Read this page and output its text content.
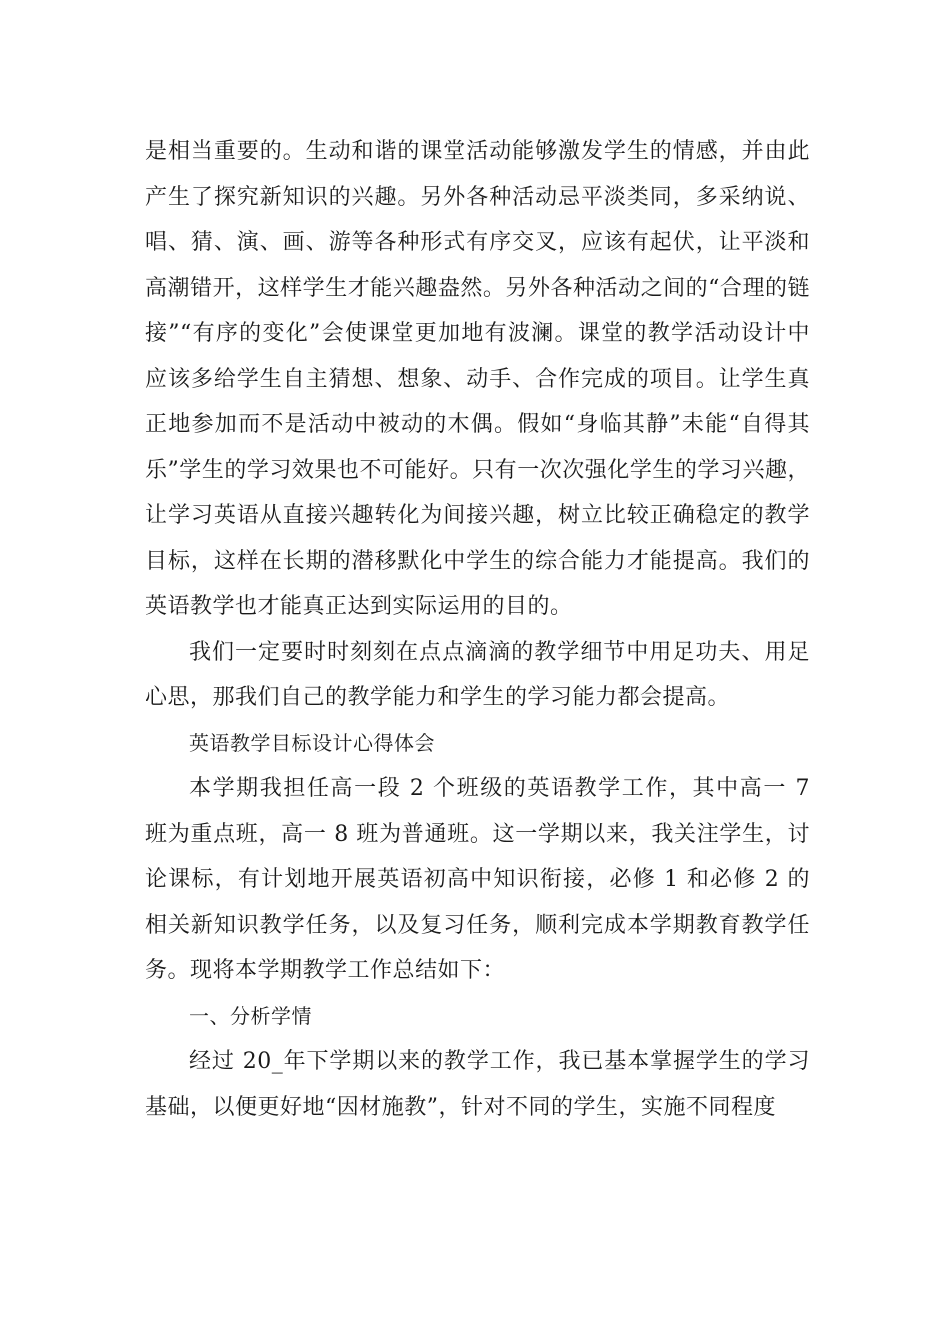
是相当重要的。生动和谐的课堂活动能够激发学生的情感，并由此产生了探究新知识的兴趣。另外各种活动忌平淡类同，多采纳说、唱、猜、演、画、游等各种形式有序交叉，应该有起伏，让平淡和高潮错开，这样学生才能兴趣盎然。另外各种活动之间的“合理的链接”“有序的变化”会使课堂更加地有波澜。课堂的教学活动设计中应该多给学生自主猜想、想象、动手、合作完成的项目。让学生真正地参加而不是活动中被动的木偶。假如“身临其静”未能“自得其乐”学生的学习效果也不可能好。只有一次次强化学生的学习兴趣，让学习英语从直接兴趣转化为间接兴趣，树立比较正确稳定的教学目标，这样在长期的潜移默化中学生的综合能力才能提高。我们的英语教学也才能真正达到实际运用的目的。

我们一定要时时刻刻在点点滴滴的教学细节中用足功夫、用足心思，那我们自己的教学能力和学生的学习能力都会提高。

英语教学目标设计心得体会

本学期我担任高一段 2 个班级的英语教学工作，其中高一 7 班为重点班，高一 8 班为普通班。这一学期以来，我关注学生，讨论课标，有计划地开展英语初高中知识衔接，必修 1 和必修 2 的相关新知识教学任务，以及复习任务，顺利完成本学期教育教学任务。现将本学期教学工作总结如下：

一、分析学情

经过 20_年下学期以来的教学工作，我已基本掌握学生的学习基础，以便更好地“因材施教”，针对不同的学生，实施不同程度
